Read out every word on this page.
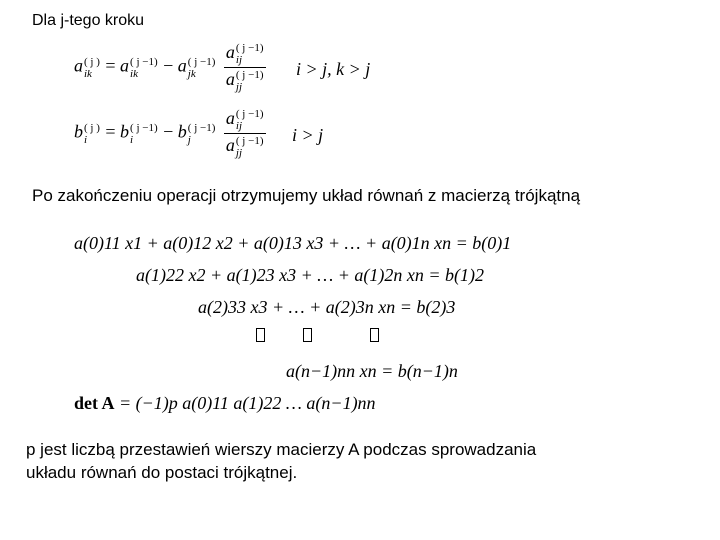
Dla j-tego kroku
a ( j )
ik = a ( j −1)
ik	− a ( j −1)
jk
	a ( j −1)
ij
a ( j −1)
jj i > j, k > j
b ( j )
i	= b ( j −1)
i	− b ( j −1)
j
	a ( j −1)
ij
a ( j −1)
jj i > j
Po zakończeniu operacji otrzymujemy układ równań z macierzą trójkątną
a(0)11 x1 + a(0)12 x2 + a(0)13 x3 + … + a(0)1n xn = b(0)1
a(1)22 x2 + a(1)23 x3 + … + a(1)2n xn = b(1)2
a(2)33 x3 + … + a(2)3n xn = b(2)3

a(n−1)nn xn = b(n−1)n
det A = (−1)p a(0)11 a(1)22 … a(n−1)nn
p jest liczbą przestawień wierszy macierzy A podczas sprowadzania
układu równań do postaci trójkątnej.
